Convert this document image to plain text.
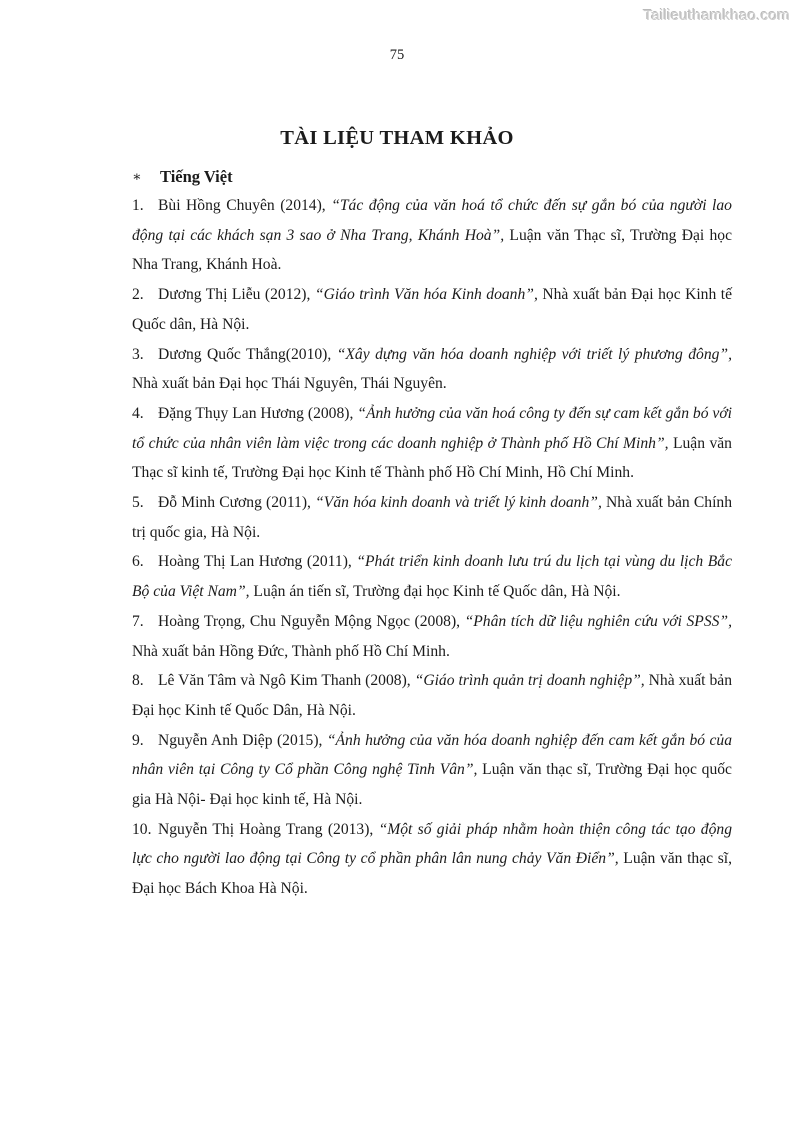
Tailieuthamkhao.com
75
TÀI LIỆU THAM KHẢO
∗ Tiếng Việt

1. Bùi Hồng Chuyên (2014), “Tác động của văn hoá tổ chức đến sự gắn bó của người lao động tại các khách sạn 3 sao ở Nha Trang, Khánh Hoà”, Luận văn Thạc sĩ, Trường Đại học Nha Trang, Khánh Hoà.

2. Dương Thị Liễu (2012), “Giáo trình Văn hóa Kinh doanh”, Nhà xuất bản Đại học Kinh tế Quốc dân, Hà Nội.

3. Dương Quốc Thắng(2010), “Xây dựng văn hóa doanh nghiệp với triết lý phương đông”, Nhà xuất bản Đại học Thái Nguyên, Thái Nguyên.

4. Đặng Thụy Lan Hương (2008), “Ảnh hưởng của văn hoá công ty đến sự cam kết gắn bó với tổ chức của nhân viên làm việc trong các doanh nghiệp ở Thành phố Hồ Chí Minh”, Luận văn Thạc sĩ kinh tế, Trường Đại học Kinh tế Thành phố Hồ Chí Minh, Hồ Chí Minh.

5. Đỗ Minh Cương (2011), “Văn hóa kinh doanh và triết lý kinh doanh”, Nhà xuất bản Chính trị quốc gia, Hà Nội.

6. Hoàng Thị Lan Hương (2011), “Phát triển kinh doanh lưu trú du lịch tại vùng du lịch Bắc Bộ của Việt Nam”, Luận án tiến sĩ, Trường đại học Kinh tế Quốc dân, Hà Nội.

7. Hoàng Trọng, Chu Nguyễn Mộng Ngọc (2008), “Phân tích dữ liệu nghiên cứu với SPSS”, Nhà xuất bản Hồng Đức, Thành phố Hồ Chí Minh.

8. Lê Văn Tâm và Ngô Kim Thanh (2008), “Giáo trình quản trị doanh nghiệp”, Nhà xuất bản Đại học Kinh tế Quốc Dân, Hà Nội.

9. Nguyễn Anh Diệp (2015), “Ảnh hưởng của văn hóa doanh nghiệp đến cam kết gắn bó của nhân viên tại Công ty Cổ phần Công nghệ Tinh Vân”, Luận văn thạc sĩ, Trường Đại học quốc gia Hà Nội- Đại học kinh tế, Hà Nội.

10. Nguyễn Thị Hoàng Trang (2013), “Một số giải pháp nhằm hoàn thiện công tác tạo động lực cho người lao động tại Công ty cổ phần phân lân nung chảy Văn Điển”, Luận văn thạc sĩ, Đại học Bách Khoa Hà Nội.
